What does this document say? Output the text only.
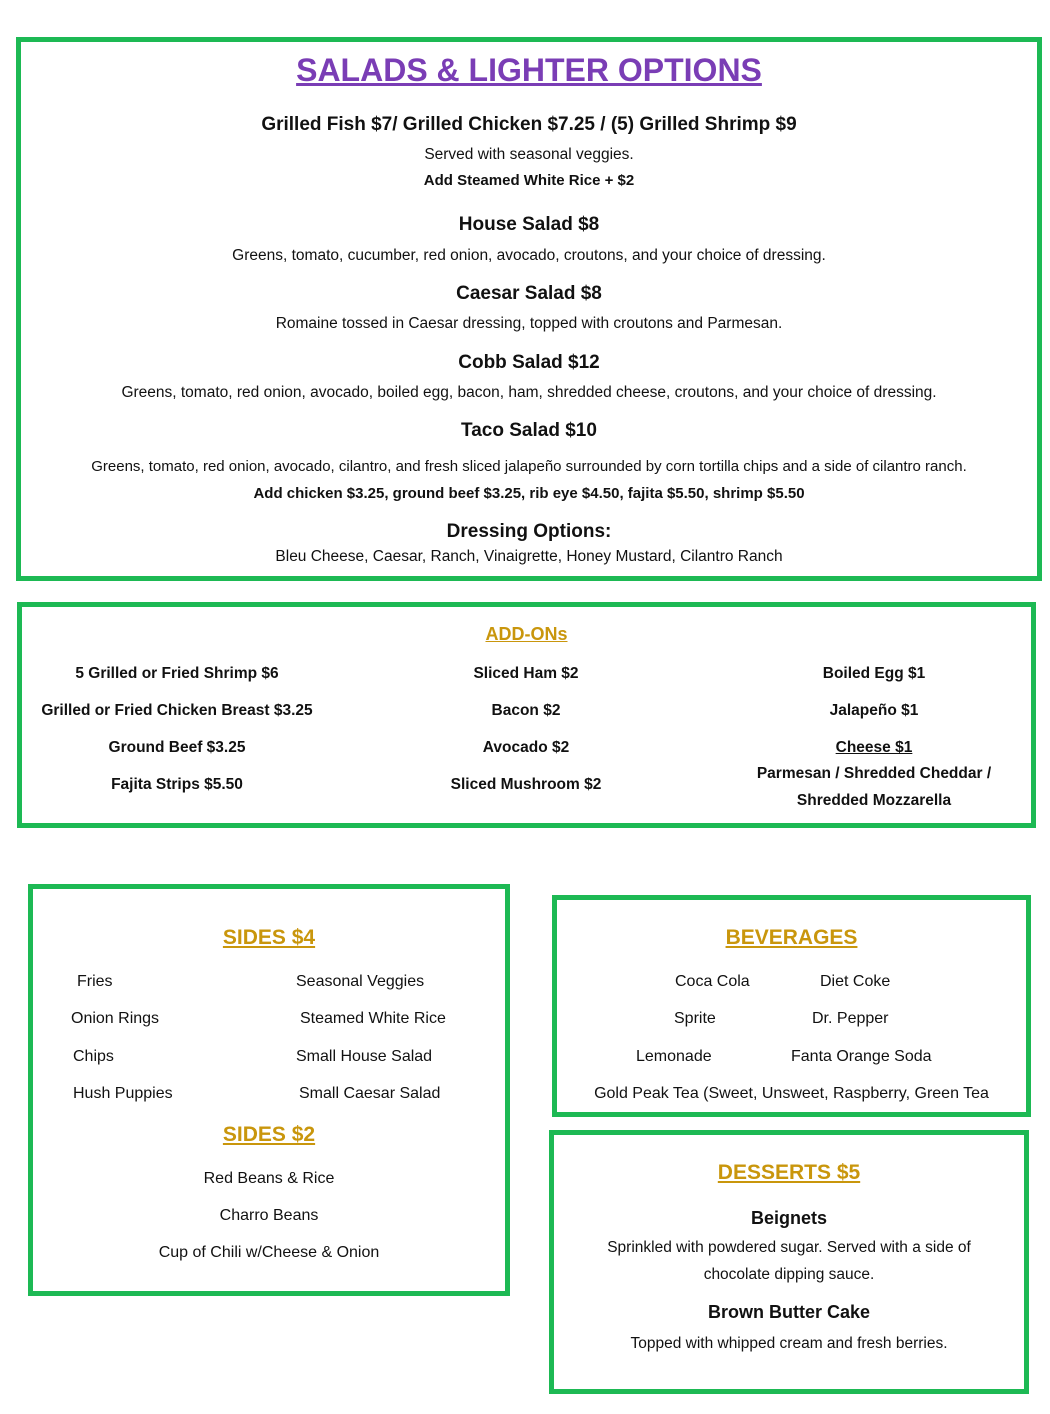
SALADS & LIGHTER OPTIONS
Grilled Fish $7/ Grilled Chicken $7.25 / (5) Grilled Shrimp $9
Served with seasonal veggies.
Add Steamed White Rice + $2
House Salad $8
Greens, tomato, cucumber, red onion, avocado, croutons, and your choice of dressing.
Caesar Salad $8
Romaine tossed in Caesar dressing, topped with croutons and Parmesan.
Cobb Salad $12
Greens, tomato, red onion, avocado, boiled egg, bacon, ham, shredded cheese, croutons, and your choice of dressing.
Taco Salad $10
Greens, tomato, red onion, avocado, cilantro, and fresh sliced jalapeño surrounded by corn tortilla chips and a side of cilantro ranch.
Add chicken $3.25, ground beef $3.25, rib eye $4.50, fajita $5.50, shrimp $5.50
Dressing Options:
Bleu Cheese, Caesar, Ranch, Vinaigrette, Honey Mustard, Cilantro Ranch
ADD-ONs
5 Grilled or Fried Shrimp $6
Grilled or Fried Chicken Breast $3.25
Ground Beef $3.25
Fajita Strips $5.50
Sliced Ham $2
Bacon $2
Avocado $2
Sliced Mushroom $2
Boiled Egg $1
Jalapeño $1
Cheese $1
Parmesan / Shredded Cheddar /
Shredded Mozzarella
SIDES $4
Fries
Onion Rings
Chips
Hush Puppies
Seasonal Veggies
Steamed White Rice
Small House Salad
Small Caesar Salad
SIDES $2
Red Beans & Rice
Charro Beans
Cup of Chili w/Cheese & Onion
BEVERAGES
Coca Cola
Sprite
Lemonade
Diet Coke
Dr. Pepper
Fanta Orange Soda
Gold Peak Tea (Sweet, Unsweet, Raspberry, Green Tea
DESSERTS $5
Beignets
Sprinkled with powdered sugar. Served with a side of
chocolate dipping sauce.
Brown Butter Cake
Topped with whipped cream and fresh berries.
